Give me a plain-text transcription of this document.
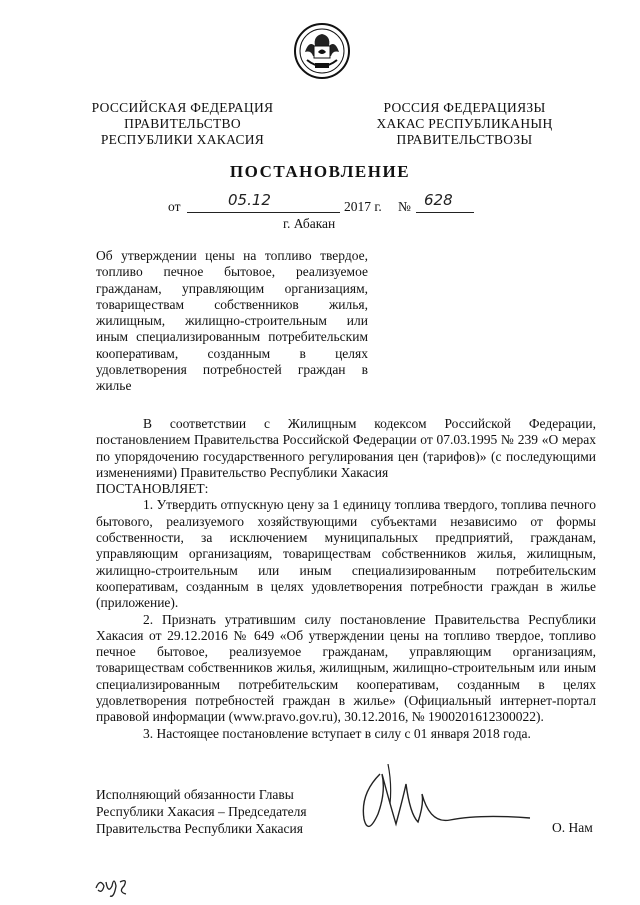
РОССИЙСКАЯ ФЕДЕРАЦИЯ
ПРАВИТЕЛЬСТВО
РЕСПУБЛИКИ ХАКАСИЯ
РОССИЯ ФЕДЕРАЦИЯЗЫ
ХАКАС РЕСПУБЛИКАНЫҢ
ПРАВИТЕЛЬСТВОЗЫ
ПОСТАНОВЛЕНИЕ
от	05.12	2017 г. № 628
г. Абакан
Об утверждении цены на топливо твердое, топливо печное бытовое, реализуемое гражданам, управляющим организациям, товариществам собственников жилья, жилищным, жилищно-строительным или иным специализированным потребительским кооперативам, созданным в целях удовлетворения потребностей граждан в жилье

В соответствии с Жилищным кодексом Российской Федерации, постановлением Правительства Российской Федерации от 07.03.1995 № 239 «О мерах по упорядочению государственного регулирования цен (тарифов)» (с последующими изменениями) Правительство Республики Хакасия

ПОСТАНОВЛЯЕТ:

1. Утвердить отпускную цену за 1 единицу топлива твердого, топлива печного бытового, реализуемого хозяйствующими субъектами независимо от формы собственности, за исключением муниципальных предприятий, гражданам, управляющим организациям, товариществам собственников жилья, жилищным, жилищно-строительным или иным специализированным потребительским кооперативам, созданным в целях удовлетворения потребности граждан в жилье (приложение).

2. Признать утратившим силу постановление Правительства Республики Хакасия от 29.12.2016 № 649 «Об утверждении цены на топливо твердое, топливо печное бытовое, реализуемое гражданам, управляющим организациям, товариществам собственников жилья, жилищным, жилищно-строительным или иным специализированным потребительским кооперативам, созданным в целях удовлетворения потребностей граждан в жилье» (Официальный интернет-портал правовой информации (www.pravo.gov.ru), 30.12.2016, № 1900201612300022).

3. Настоящее постановление вступает в силу с 01 января 2018 года.

Исполняющий обязанности Главы
Республики Хакасия – Председателя
Правительства Республики Хакасия	О. Нам
